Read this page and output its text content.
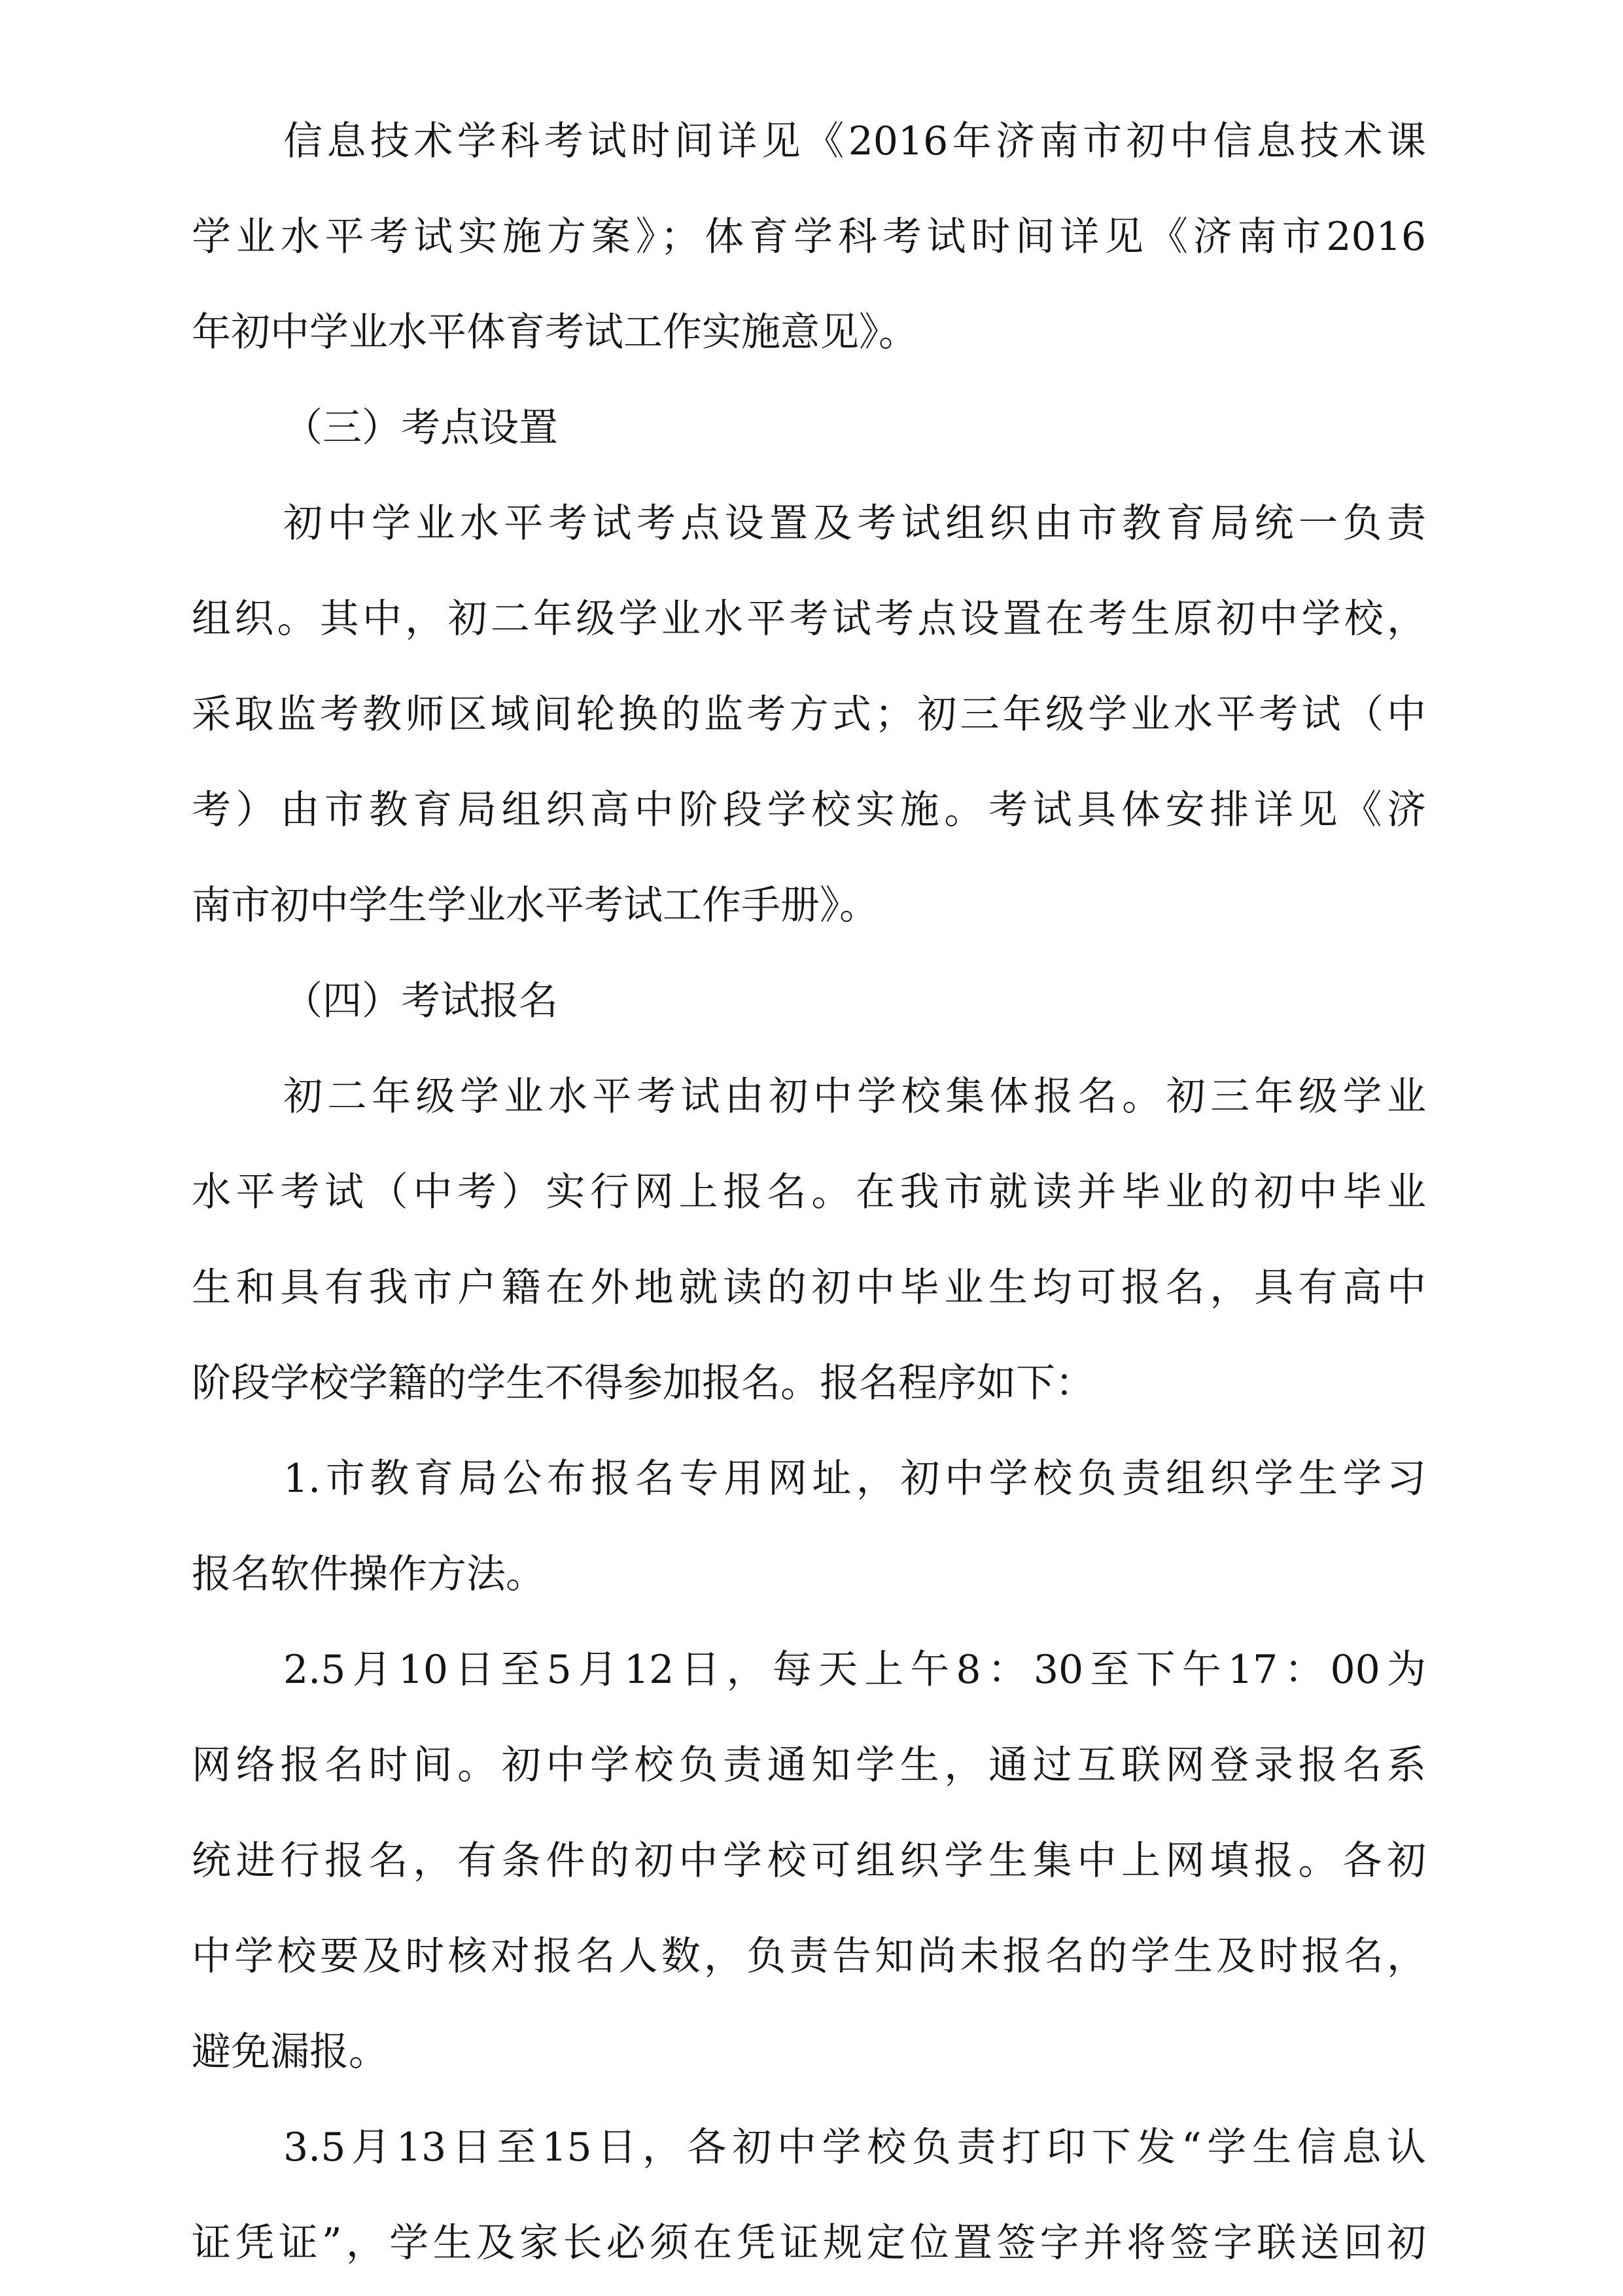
信息技术学科考试时间详见《2016年济南市初中信息技术课
学业水平考试实施方案》；体育学科考试时间详见《济南市2016
年初中学业水平体育考试工作实施意见》。
（三）考点设置
初中学业水平考试考点设置及考试组织由市教育局统一负责
组织。其中，初二年级学业水平考试考点设置在考生原初中学校，
采取监考教师区域间轮换的监考方式；初三年级学业水平考试（中
考）由市教育局组织高中阶段学校实施。考试具体安排详见《济
南市初中学生学业水平考试工作手册》。
（四）考试报名
初二年级学业水平考试由初中学校集体报名。初三年级学业
水平考试（中考）实行网上报名。在我市就读并毕业的初中毕业
生和具有我市户籍在外地就读的初中毕业生均可报名，具有高中
阶段学校学籍的学生不得参加报名。报名程序如下：
1.市教育局公布报名专用网址，初中学校负责组织学生学习
报名软件操作方法。
2.5月10日至5月12日，每天上午8：30至下午17：00为
网络报名时间。初中学校负责通知学生，通过互联网登录报名系
统进行报名，有条件的初中学校可组织学生集中上网填报。各初
中学校要及时核对报名人数，负责告知尚未报名的学生及时报名，
避免漏报。
3.5月13日至15日，各初中学校负责打印下发“学生信息认
证凭证”，学生及家长必须在凭证规定位置签字并将签字联送回初
